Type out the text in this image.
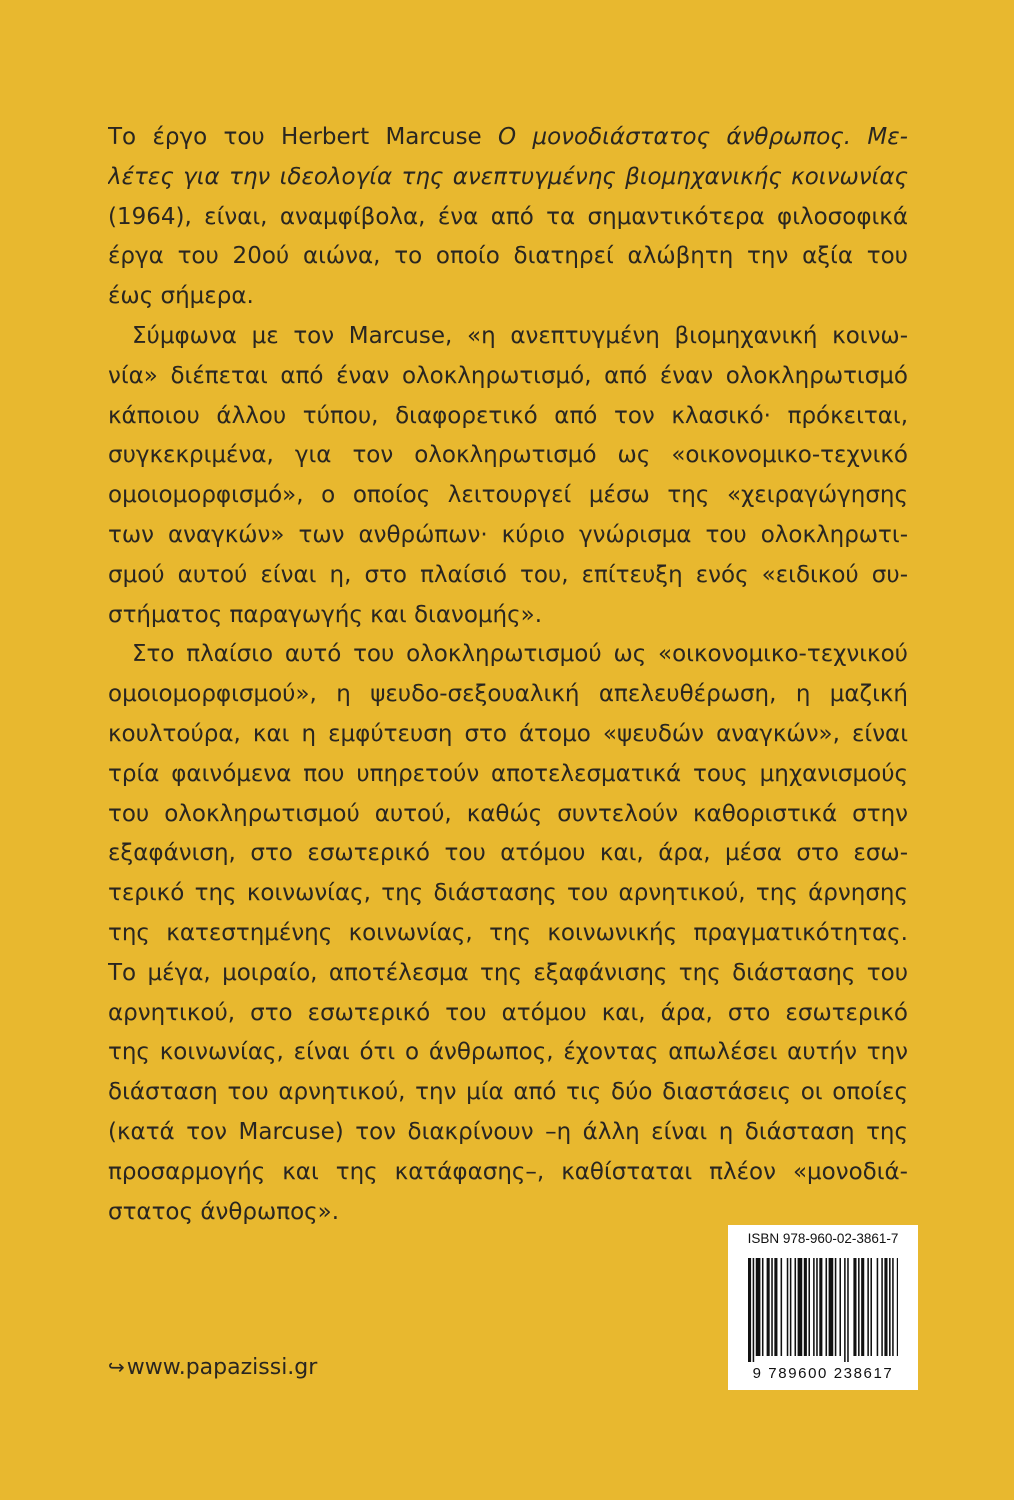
Το έργο του Herbert Marcuse Ο μονοδιάστατος άνθρωπος. Με-
λέτες για την ιδεολογία της ανεπτυγμένης βιομηχανικής κοινωνίας
(1964), είναι, αναμφίβολα, ένα από τα σημαντικότερα φιλοσοφικά
έργα του 20ού αιώνα, το οποίο διατηρεί αλώβητη την αξία του
έως σήμερα.
Σύμφωνα με τον Marcuse, «η ανεπτυγμένη βιομηχανική κοινω-
νία» διέπεται από έναν ολοκληρωτισμό, από έναν ολοκληρωτισμό
κάποιου άλλου τύπου, διαφορετικό από τον κλασικό· πρόκειται,
συγκεκριμένα, για τον ολοκληρωτισμό ως «οικονομικο-τεχνικό
ομοιομορφισμό», ο οποίος λειτουργεί μέσω της «χειραγώγησης
των αναγκών» των ανθρώπων· κύριο γνώρισμα του ολοκληρωτι-
σμού αυτού είναι η, στο πλαίσιό του, επίτευξη ενός «ειδικού συ-
στήματος παραγωγής και διανομής».
Στο πλαίσιο αυτό του ολοκληρωτισμού ως «οικονομικο-τεχνικού
ομοιομορφισμού», η ψευδο-σεξουαλική απελευθέρωση, η μαζική
κουλτούρα, και η εμφύτευση στο άτομο «ψευδών αναγκών», είναι
τρία φαινόμενα που υπηρετούν αποτελεσματικά τους μηχανισμούς
του ολοκληρωτισμού αυτού, καθώς συντελούν καθοριστικά στην
εξαφάνιση, στο εσωτερικό του ατόμου και, άρα, μέσα στο εσω-
τερικό της κοινωνίας, της διάστασης του αρνητικού, της άρνησης
της κατεστημένης κοινωνίας, της κοινωνικής πραγματικότητας.
Το μέγα, μοιραίο, αποτέλεσμα της εξαφάνισης της διάστασης του
αρνητικού, στο εσωτερικό του ατόμου και, άρα, στο εσωτερικό
της κοινωνίας, είναι ότι ο άνθρωπος, έχοντας απωλέσει αυτήν την
διάσταση του αρνητικού, την μία από τις δύο διαστάσεις οι οποίες
(κατά τον Marcuse) τον διακρίνουν –η άλλη είναι η διάσταση της
προσαρμογής και της κατάφασης–, καθίσταται πλέον «μονοδιά-
στατος άνθρωπος».
↪www.papazissi.gr
ISBN 978-960-02-3861-7
9 789600 238617
